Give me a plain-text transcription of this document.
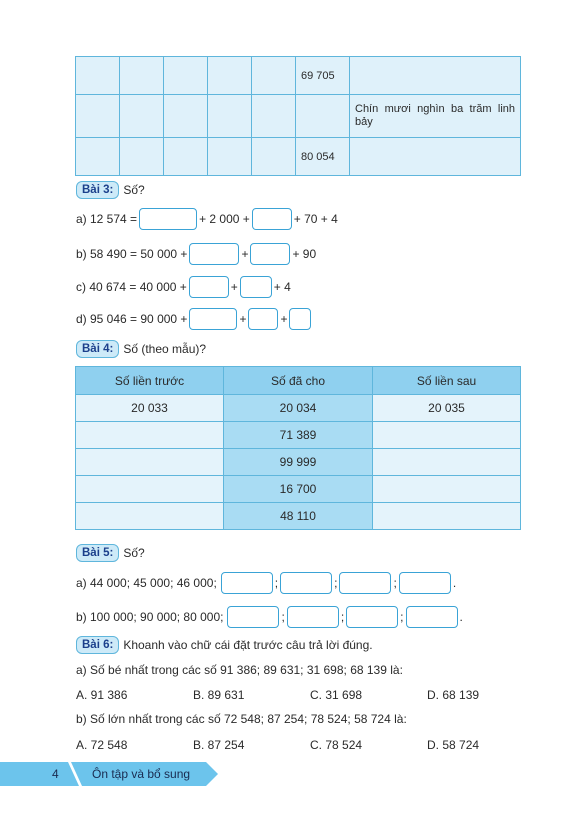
					69 705	
						Chín mươi nghìn ba trăm linh bảy
					80 054	
Bài 3: Số?
a) 12 574 =	+ 2 000 +	+ 70 + 4
b) 58 490 = 50 000 +	+	+ 90
c) 40 674 = 40 000 +	+	+ 4
d) 95 046 = 90 000 +	+	+
Bài 4: Số (theo mẫu)?
Số liền trước	Số đã cho	Số liền sau
20 033	20 034	20 035
	71 389	
	99 999	
	16 700	
	48 110	
Bài 5: Số?
a) 44 000; 45 000; 46 000;	;	;	;	.
b) 100 000; 90 000; 80 000;	;	;	;	.
Bài 6: Khoanh vào chữ cái đặt trước câu trả lời đúng.
a) Số bé nhất trong các số 91 386; 89 631; 31 698; 68 139 là:
A. 91 386	B. 89 631	C. 31 698	D. 68 139
b) Số lớn nhất trong các số 72 548; 87 254; 78 524; 58 724 là:
A. 72 548	B. 87 254	C. 78 524	D. 58 724
4	Ôn tập và bổ sung
